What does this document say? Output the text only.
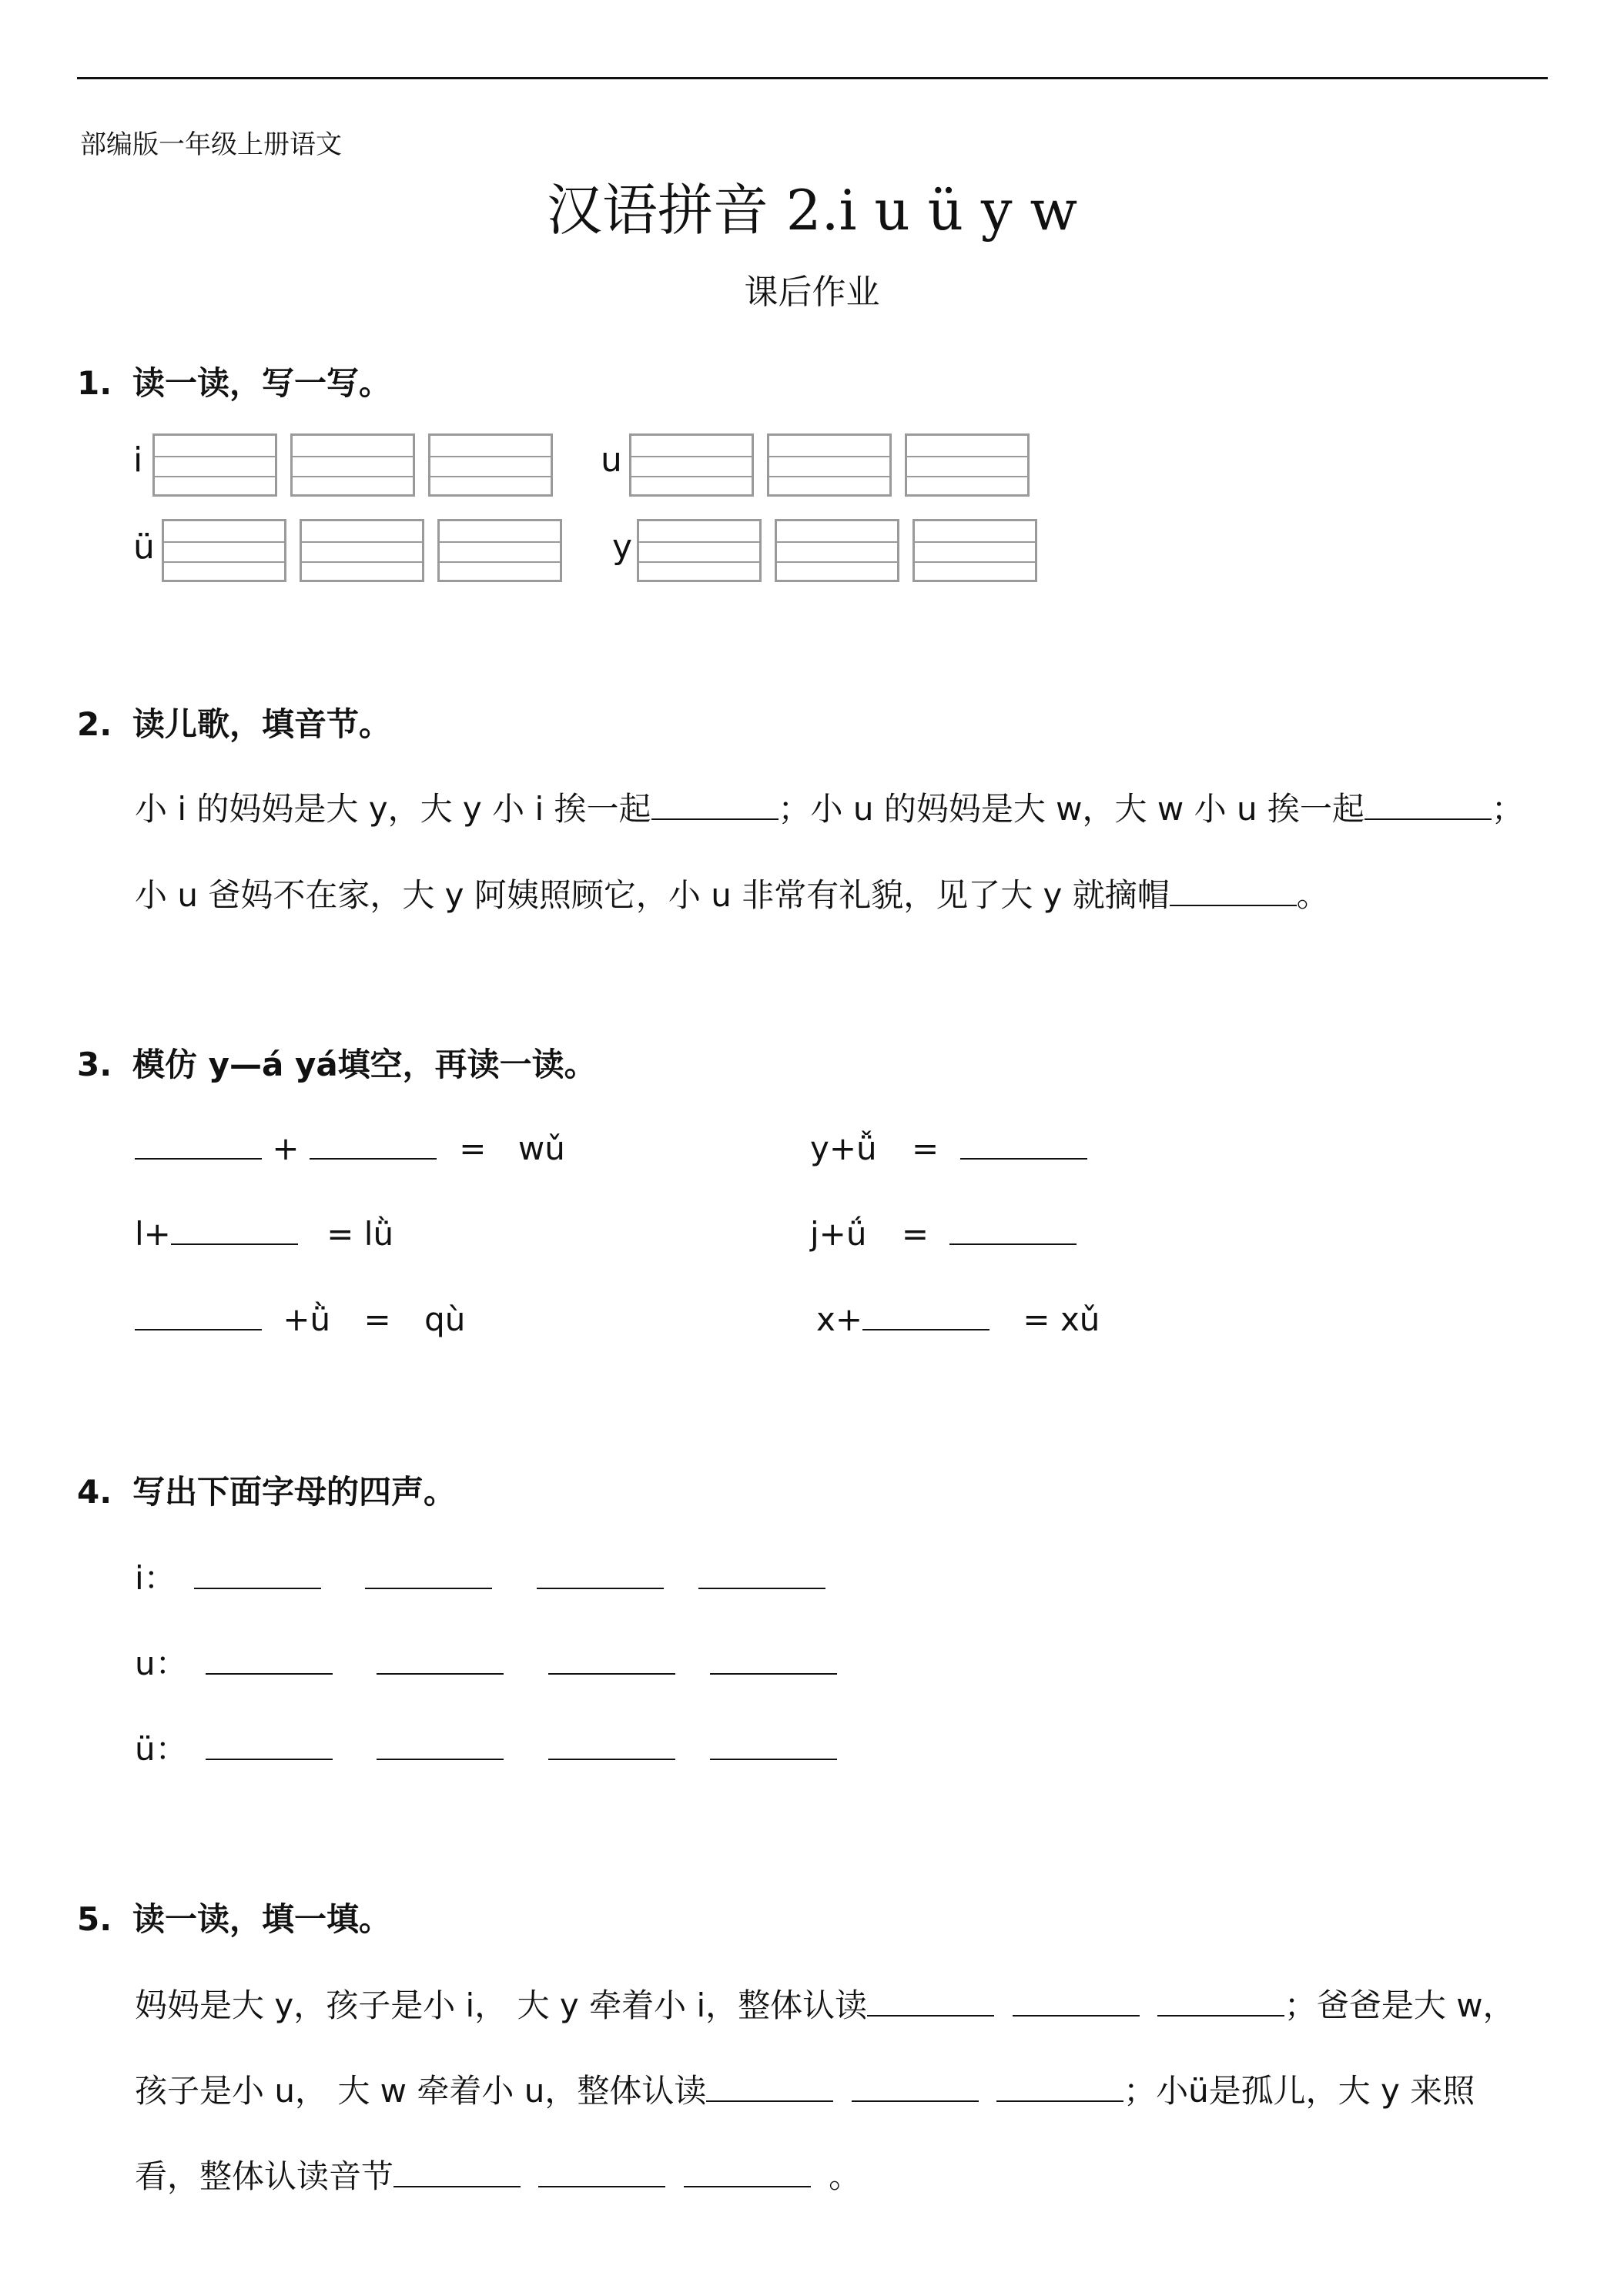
部编版一年级上册语文
汉语拼音 2.i u ü y w
课后作业
1. 读一读，写一写。
i	u
ü	y
2. 读儿歌，填音节。
小 i 的妈妈是大 y，大 y 小 i 挨一起	；小 u 的妈妈是大 w，大 w 小 u 挨一起	；
小 u 爸妈不在家，大 y 阿姨照顾它，小 u 非常有礼貌，见了大 y 就摘帽	。
3. 模仿 y—á yá填空，再读一读。
+	= wǔ	y+ǚ =
l+	= lǜ	j+ǘ =
+ǜ = qù	x+	= xǔ
4. 写出下面字母的四声。
i：
u：
ü：
5. 读一读，填一填。
妈妈是大 y，孩子是小 i， 大 y 牵着小 i，整体认读	；爸爸是大 w，
孩子是小 u， 大 w 牵着小 u，整体认读	；小ü是孤儿，大 y 来照
看，整体认读音节	。
